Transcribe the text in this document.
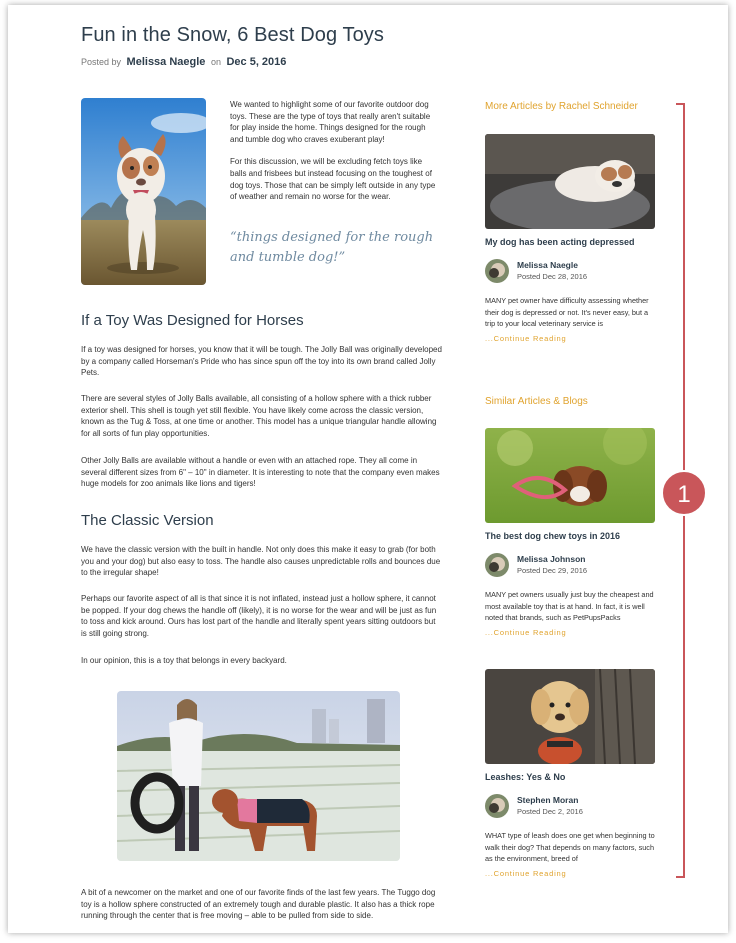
Fun in the Snow, 6 Best Dog Toys
Posted by Melissa Naegle on Dec 5, 2016

We wanted to highlight some of our favorite outdoor dog toys. These are the type of toys that really aren't suitable for play inside the home. Things designed for the rough and tumble dog who craves exuberant play!

For this discussion, we will be excluding fetch toys like balls and frisbees but instead focusing on the toughest of dog toys. Those that can be simply left outside in any type of weather and remain no worse for the wear.

“things designed for the rough and tumble dog!”
If a Toy Was Designed for Horses

If a toy was designed for horses, you know that it will be tough. The Jolly Ball was originally developed by a company called Horseman's Pride who has since spun off the toy into its own brand called Jolly Pets.

There are several styles of Jolly Balls available, all consisting of a hollow sphere with a thick rubber exterior shell. This shell is tough yet still flexible. You have likely come across the classic version, known as the Tug & Toss, at one time or another. This model has a unique triangular handle allowing for all sorts of fun play opportunities.

Other Jolly Balls are available without a handle or even with an attached rope. They all come in several different sizes from 6" – 10" in diameter. It is interesting to note that the company even makes huge models for zoo animals like lions and tigers!

The Classic Version

We have the classic version with the built in handle. Not only does this make it easy to grab (for both you and your dog) but also easy to toss. The handle also causes unpredictable rolls and bounces due to the irregular shape!

Perhaps our favorite aspect of all is that since it is not inflated, instead just a hollow sphere, it cannot be popped. If your dog chews the handle off (likely), it is no worse for the wear and will be just as fun to toss and kick around. Ours has lost part of the handle and literally spent years sitting outdoors but is still going strong.

In our opinion, this is a toy that belongs in every backyard.

A bit of a newcomer on the market and one of our favorite finds of the last few years. The Tuggo dog toy is a hollow sphere constructed of an extremely tough and durable plastic. It also has a thick rope running through the center that is free moving – able to be pulled from side to side.

More Articles by Rachel Schneider
My dog has been acting depressed
Melissa Naegle
Posted Dec 28, 2016
MANY pet owner have difficulty assessing whether their dog is depressed or not. It's never easy, but a trip to your local veterinary service is
...Continue Reading
Similar Articles & Blogs
The best dog chew toys in 2016
Melissa Johnson
Posted Dec 29, 2016
MANY pet owners usually just buy the cheapest and most available toy that is at hand. In fact, it is well noted that brands, such as PetPupsPacks
...Continue Reading
Leashes: Yes & No
Stephen Moran
Posted Dec 2, 2016
WHAT type of leash does one get when beginning to walk their dog? That depends on many factors, such as the environment, breed of
...Continue Reading
1
